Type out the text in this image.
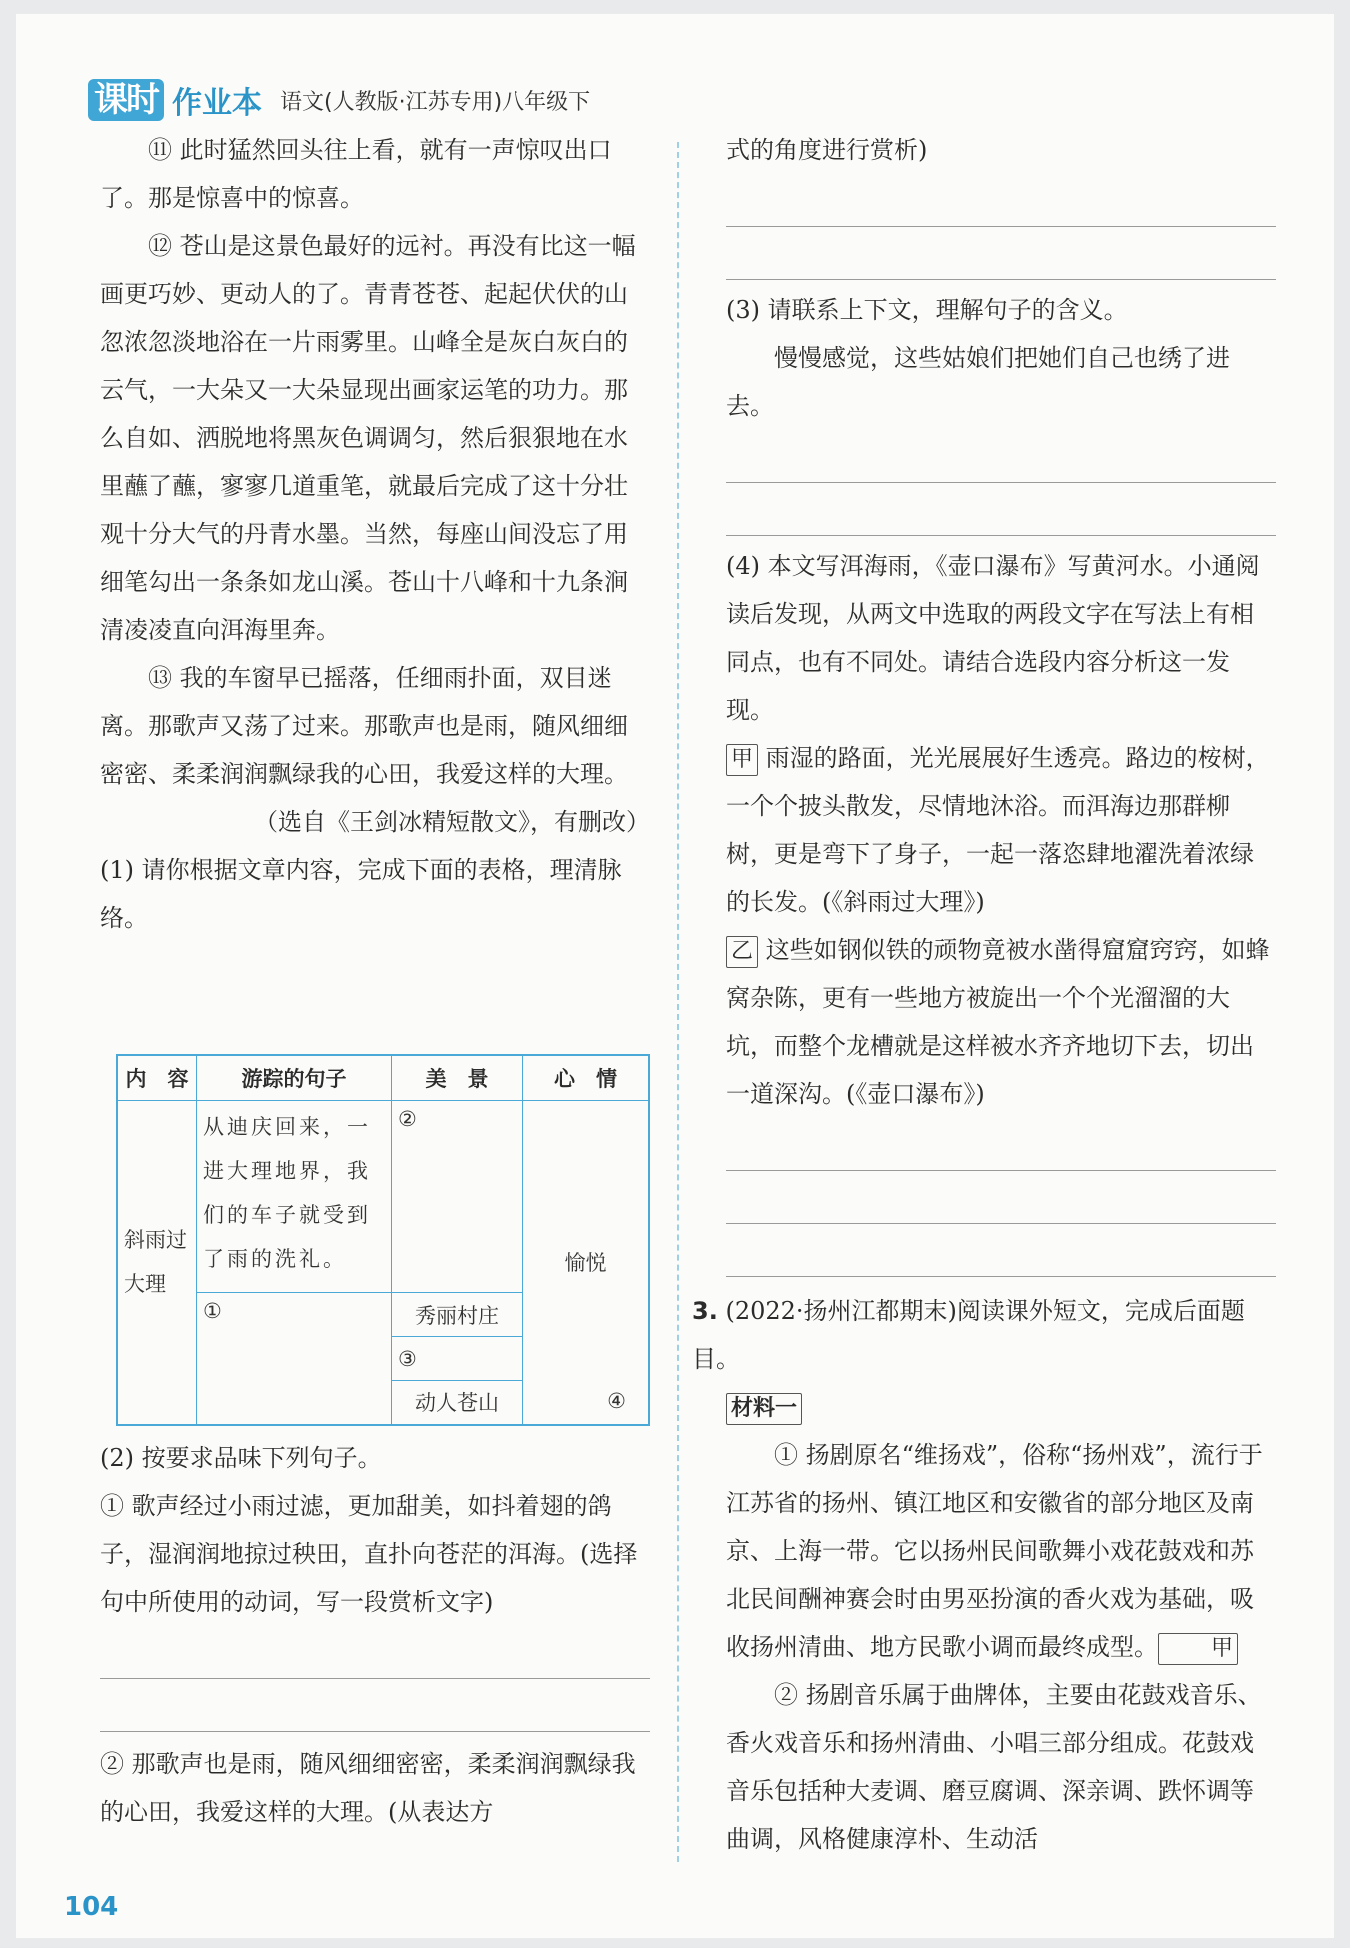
课时 作业本 语文(人教版·江苏专用)八年级下

⑪ 此时猛然回头往上看，就有一声惊叹出口了。那是惊喜中的惊喜。

⑫ 苍山是这景色最好的远衬。再没有比这一幅画更巧妙、更动人的了。青青苍苍、起起伏伏的山忽浓忽淡地浴在一片雨雾里。山峰全是灰白灰白的云气，一大朵又一大朵显现出画家运笔的功力。那么自如、洒脱地将黑灰色调调匀，然后狠狠地在水里蘸了蘸，寥寥几道重笔，就最后完成了这十分壮观十分大气的丹青水墨。当然，每座山间没忘了用细笔勾出一条条如龙山溪。苍山十八峰和十九条涧清凌凌直向洱海里奔。

⑬ 我的车窗早已摇落，任细雨扑面，双目迷离。那歌声又荡了过来。那歌声也是雨，随风细细密密、柔柔润润飘绿我的心田，我爱这样的大理。

（选自《王剑冰精短散文》，有删改）

(1) 请你根据文章内容，完成下面的表格，理清脉络。

内　容	游踪的句子	美　景	心　情
斜雨过大理	从迪庆回来，一进大理地界，我们的车子就受到了雨的洗礼。	②	愉悦
	①	秀丽村庄	
		③	
		动人苍山 ④	

(2) 按要求品味下列句子。

① 歌声经过小雨过滤，更加甜美，如抖着翅的鸽子，湿润润地掠过秧田，直扑向苍茫的洱海。(选择句中所使用的动词，写一段赏析文字)

② 那歌声也是雨，随风细细密密，柔柔润润飘绿我的心田，我爱这样的大理。(从表达方

式的角度进行赏析)

(3) 请联系上下文，理解句子的含义。

慢慢感觉，这些姑娘们把她们自己也绣了进去。

(4) 本文写洱海雨，《壶口瀑布》写黄河水。小通阅读后发现，从两文中选取的两段文字在写法上有相同点，也有不同处。请结合选段内容分析这一发现。

甲 雨湿的路面，光光展展好生透亮。路边的桉树，一个个披头散发，尽情地沐浴。而洱海边那群柳树，更是弯下了身子，一起一落恣肆地濯洗着浓绿的长发。(《斜雨过大理》)

乙 这些如钢似铁的顽物竟被水凿得窟窟窍窍，如蜂窝杂陈，更有一些地方被旋出一个个光溜溜的大坑，而整个龙槽就是这样被水齐齐地切下去，切出一道深沟。(《壶口瀑布》)

3. (2022·扬州江都期末)阅读课外短文，完成后面题目。

材料一

① 扬剧原名“维扬戏”，俗称“扬州戏”，流行于江苏省的扬州、镇江地区和安徽省的部分地区及南京、上海一带。它以扬州民间歌舞小戏花鼓戏和苏北民间酬神赛会时由男巫扮演的香火戏为基础，吸收扬州清曲、地方民歌小调而最终成型。 甲

② 扬剧音乐属于曲牌体，主要由花鼓戏音乐、香火戏音乐和扬州清曲、小唱三部分组成。花鼓戏音乐包括种大麦调、磨豆腐调、深亲调、跌怀调等曲调，风格健康淳朴、生动活

104
